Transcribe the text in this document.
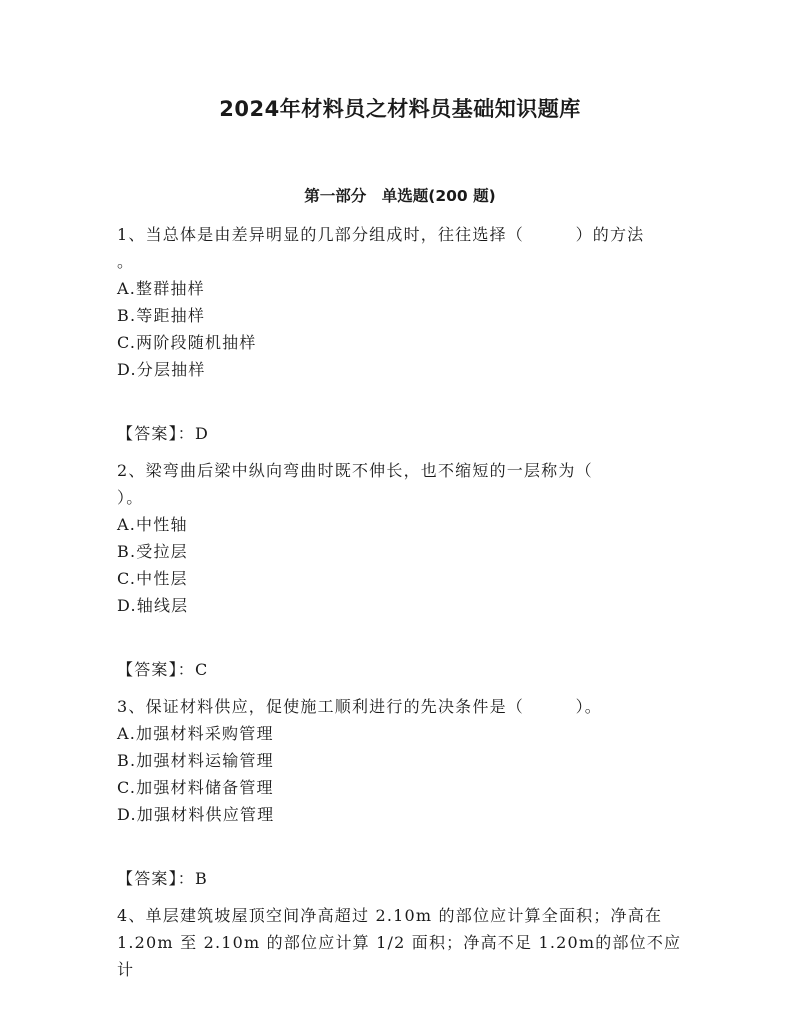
2024年材料员之材料员基础知识题库
第一部分　单选题(200 题)
1、当总体是由差异明显的几部分组成时，往往选择（　　　）的方法
。
A.整群抽样
B.等距抽样
C.两阶段随机抽样
D.分层抽样
【答案】：D
2、梁弯曲后梁中纵向弯曲时既不伸长，也不缩短的一层称为（
）。
A.中性轴
B.受拉层
C.中性层
D.轴线层
【答案】：C
3、保证材料供应，促使施工顺利进行的先决条件是（　　　）。
A.加强材料采购管理
B.加强材料运输管理
C.加强材料储备管理
D.加强材料供应管理
【答案】：B
4、单层建筑坡屋顶空间净高超过 2.10m 的部位应计算全面积；净高在
1.20m 至 2.10m 的部位应计算 1/2 面积；净高不足 1.20m的部位不应计
